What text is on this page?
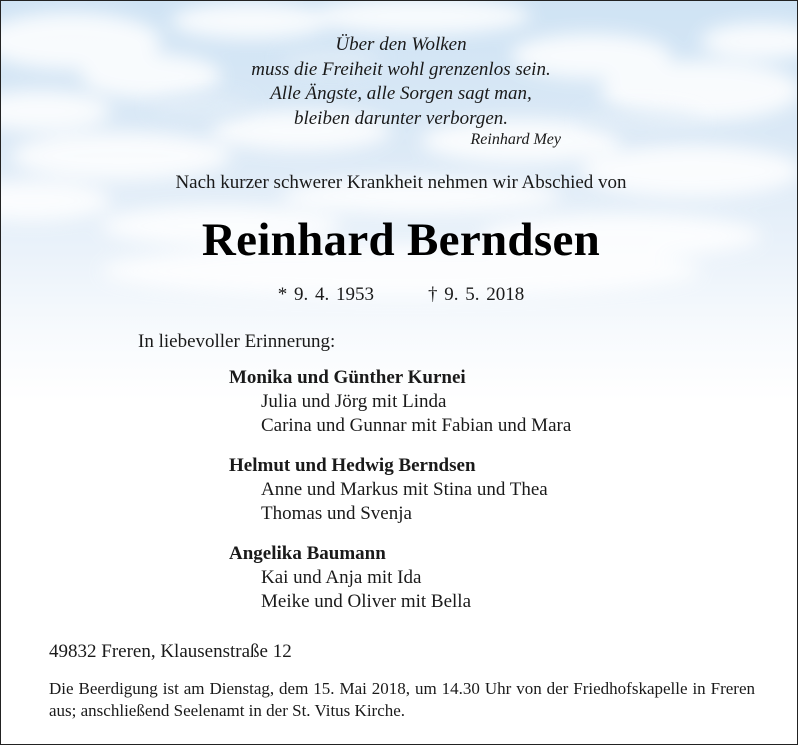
Über den Wolken
muss die Freiheit wohl grenzenlos sein.
Alle Ängste, alle Sorgen sagt man,
bleiben darunter verborgen.
Reinhard Mey
Nach kurzer schwerer Krankheit nehmen wir Abschied von
Reinhard Berndsen
* 9. 4. 1953	† 9. 5. 2018
In liebevoller Erinnerung:
Monika und Günther Kurnei
Julia und Jörg mit Linda
Carina und Gunnar mit Fabian und Mara
Helmut und Hedwig Berndsen
Anne und Markus mit Stina und Thea
Thomas und Svenja
Angelika Baumann
Kai und Anja mit Ida
Meike und Oliver mit Bella
49832 Freren, Klausenstraße 12
Die Beerdigung ist am Dienstag, dem 15. Mai 2018, um 14.30 Uhr von der Friedhofskapelle in Freren aus; anschließend Seelenamt in der St. Vitus Kirche.
